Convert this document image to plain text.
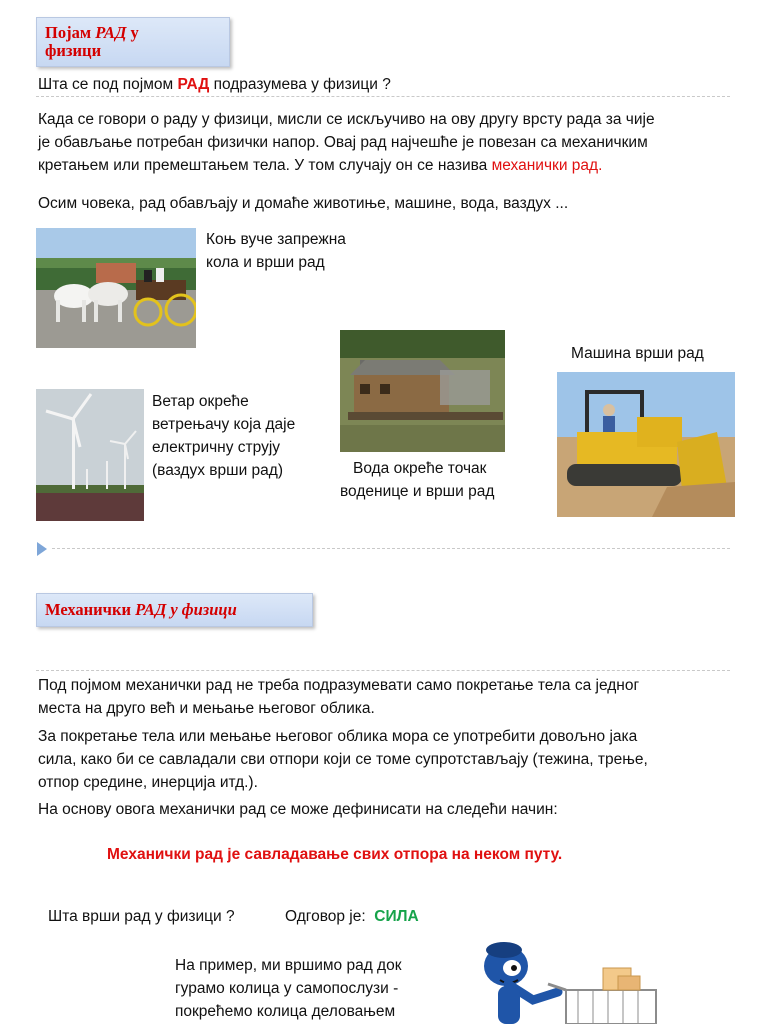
Појам РАД у
физици
Шта се под појмом РАД подразумева у физици ?
Када се говори о раду у физици, мисли се искључиво на ову другу врсту рада за чије
је обављање потребан физички напор. Овај рад најчешће је повезан са механичким
кретањем или премештањем тела. У том случају он се назива механички рад.
Осим човека, рад обављају и домаће животиње, машине, вода, ваздух ...
Коњ вуче запрежна
кола и врши рад
Вода окреће точак
воденице и врши рад
Машина врши рад
Ветар окреће
ветрењачу која даје
електричну струју
(ваздух врши рад)
Механички РАД у физици
Под појмом механички рад не треба подразумевати само покретање тела са једног
места на друго већ и мењање његовог облика.
За покретање тела или мењање његовог облика мора се употребити довољно јака
сила, како би се савладали сви отпори који се томе супротстављају (тежина, трење,
отпор средине, инерција итд.).
На основу овога механички рад се може дефинисати на следећи начин:
Механички рад је савладавање свих отпора на неком путу.
Шта врши рад у физици ?	Одговор је: СИЛА
На пример, ми вршимо рад док
гурамо колица у самопослузи -
покрећемо колица деловањем
